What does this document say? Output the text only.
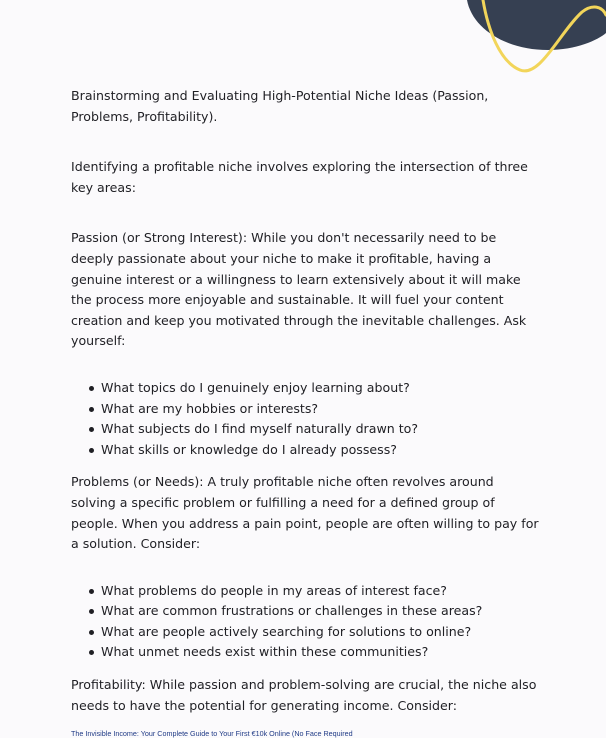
Brainstorming and Evaluating High-Potential Niche Ideas (Passion, Problems, Profitability).

Identifying a profitable niche involves exploring the intersection of three key areas:

Passion (or Strong Interest): While you don't necessarily need to be deeply passionate about your niche to make it profitable, having a genuine interest or a willingness to learn extensively about it will make the process more enjoyable and sustainable. It will fuel your content creation and keep you motivated through the inevitable challenges. Ask yourself:

What topics do I genuinely enjoy learning about?
What are my hobbies or interests?
What subjects do I find myself naturally drawn to?
What skills or knowledge do I already possess?

Problems (or Needs): A truly profitable niche often revolves around solving a specific problem or fulfilling a need for a defined group of people. When you address a pain point, people are often willing to pay for a solution. Consider:

What problems do people in my areas of interest face?
What are common frustrations or challenges in these areas?
What are people actively searching for solutions to online?
What unmet needs exist within these communities?

Profitability: While passion and problem-solving are crucial, the niche also needs to have the potential for generating income. Consider:

The Invisible Income: Your Complete Guide to Your First €10k Online (No Face Required
